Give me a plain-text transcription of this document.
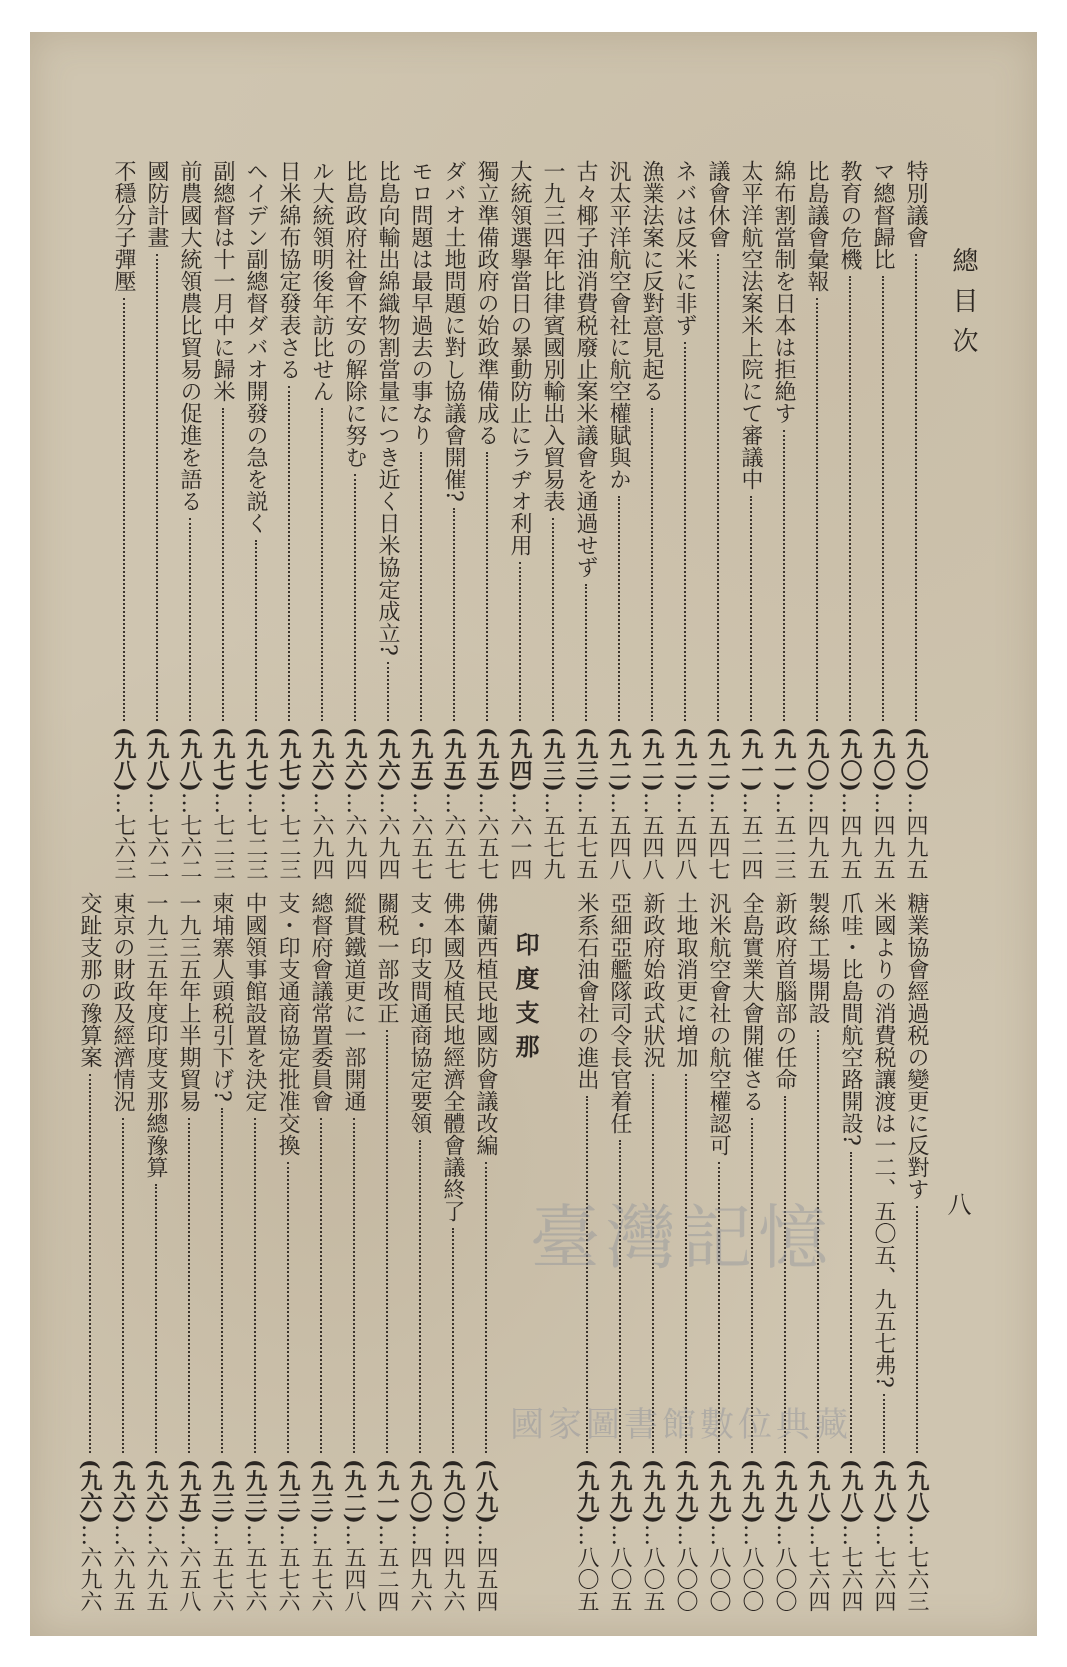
總目次
八
特別議會
(九〇)
…
四九五
マ總督歸比
(九〇)
…
四九五
教育の危機
(九〇)
…
四九五
比島議會彙報
(九〇)
…
四九五
綿布割當制を日本は拒絶す
(九一)
…
五二三
太平洋航空法案米上院にて審議中
(九一)
…
五二四
議會休會
(九二)
…
五四七
ネバは反米に非ず
(九二)
…
五四八
漁業法案に反對意見起る
(九二)
…
五四八
汎太平洋航空會社に航空權賦與か
(九二)
…
五四八
古々椰子油消費税廢止案米議會を通過せず
(九三)
…
五七五
一九三四年比律賓國別輸出入貿易表
(九三)
…
五七九
大統領選擧當日の暴動防止にラヂオ利用
(九四)
…
六一四
獨立準備政府の始政準備成る
(九五)
…
六五七
ダバオ土地問題に對し協議會開催?
(九五)
…
六五七
モロ問題は最早過去の事なり
(九五)
…
六五七
比島向輸出綿織物割當量につき近く日米協定成立?
(九六)
…
六九四
比島政府社會不安の解除に努む
(九六)
…
六九四
ル大統領明後年訪比せん
(九六)
…
六九四
日米綿布協定發表さる
(九七)
…
七二三
ヘイデン副總督ダバオ開發の急を説く
(九七)
…
七二三
副總督は十一月中に歸米
(九七)
…
七二三
前農國大統領農比貿易の促進を語る
(九八)
…
七六二
國防計畫
(九八)
…
七六二
不穩分子彈壓
(九八)
…
七六三
糖業協會經過税の變更に反對す
(九八)
…
七六三
米國よりの消費税讓渡は一二、五〇五、九五七弗?
(九八)
…
七六四
爪哇・比島間航空路開設?
(九八)
…
七六四
製絲工場開設
(九八)
…
七六四
新政府首腦部の任命
(九九)
…
八〇〇
全島實業大會開催さる
(九九)
…
八〇〇
汎米航空會社の航空權認可
(九九)
…
八〇〇
土地取消更に増加
(九九)
…
八〇〇
新政府始政式狀況
(九九)
…
八〇五
亞細亞艦隊司令長官着任
(九九)
…
八〇五
米系石油會社の進出
(九九)
…
八〇五
印度支那
佛蘭西植民地國防會議改編
(八九)
…
四五四
佛本國及植民地經濟全體會議終了
(九〇)
…
四九六
支・印支間通商協定要領
(九〇)
…
四九六
關税一部改正
(九一)
…
五二四
縱貫鐵道更に一部開通
(九二)
…
五四八
總督府會議常置委員會
(九三)
…
五七六
支・印支通商協定批准交換
(九三)
…
五七六
中國領事館設置を決定
(九三)
…
五七六
柬埔寨人頭税引下げ?
(九三)
…
五七六
一九三五年上半期貿易
(九五)
…
六五八
一九三五年度印度支那總豫算
(九六)
…
六九五
東京の財政及經濟情況
(九六)
…
六九五
交趾支那の豫算案
(九六)
…
六九六
臺灣記憶
國家圖書館數位典藏
